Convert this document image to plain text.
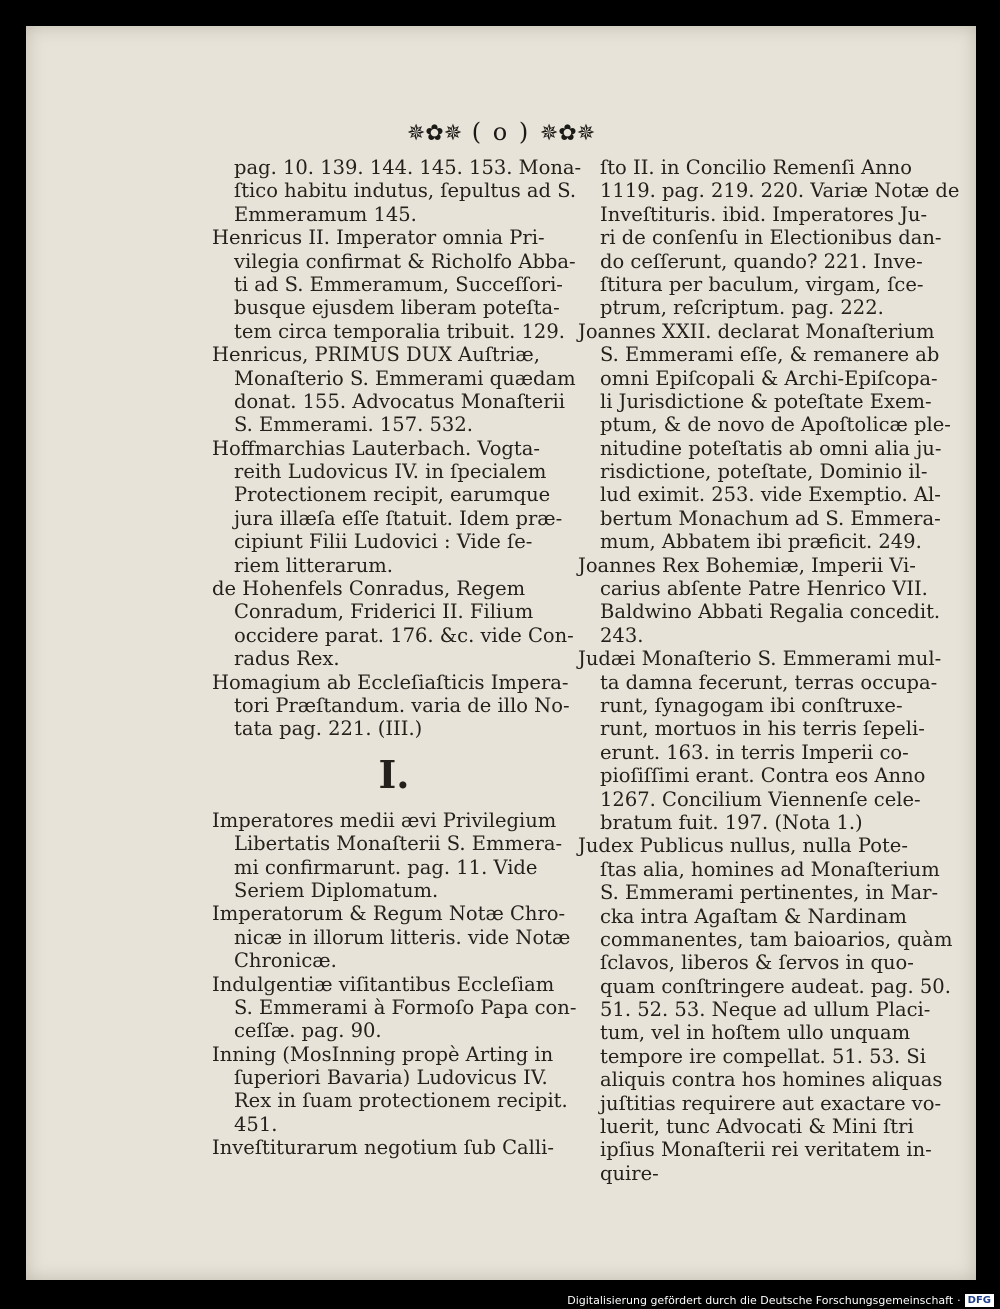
✵✿✵ ( o ) ✵✿✵
pag. 10. 139. 144. 145. 153. Mona-
ſtico habitu indutus, ſepultus ad S.
Emmeramum 145.
Henricus II. Imperator omnia Pri-
vilegia confirmat & Richolfo Abba-
ti ad S. Emmeramum, Succeſſori-
busque ejusdem liberam poteſta-
tem circa temporalia tribuit. 129.
Henricus, PRIMUS DUX Auſtriæ,
Monaſterio S. Emmerami quædam
donat. 155. Advocatus Monaſterii
S. Emmerami. 157. 532.
Hoffmarchias Lauterbach. Vogta-
reith Ludovicus IV. in ſpecialem
Protectionem recipit, earumque
jura illæſa eſſe ſtatuit. Idem præ-
cipiunt Filii Ludovici : Vide ſe-
riem litterarum.
de Hohenfels Conradus, Regem
Conradum, Friderici II. Filium
occidere parat. 176. &c. vide Con-
radus Rex.
Homagium ab Eccleſiaſticis Impera-
tori Præſtandum. varia de illo No-
tata pag. 221. (III.)
I.
Imperatores medii ævi Privilegium
Libertatis Monaſterii S. Emmera-
mi confirmarunt. pag. 11. Vide
Seriem Diplomatum.
Imperatorum & Regum Notæ Chro-
nicæ in illorum litteris. vide Notæ
Chronicæ.
Indulgentiæ viſitantibus Eccleſiam
S. Emmerami à Formoſo Papa con-
ceſſæ. pag. 90.
Inning (MosInning propè Arting in
ſuperiori Bavaria) Ludovicus IV.
Rex in ſuam protectionem recipit.
451.
Inveſtiturarum negotium ſub Calli-
ſto II. in Concilio Remenſi Anno
1119. pag. 219. 220. Variæ Notæ de
Inveſtituris. ibid. Imperatores Ju-
ri de conſenſu in Electionibus dan-
do ceſſerunt, quando? 221. Inve-
ſtitura per baculum, virgam, ſce-
ptrum, reſcriptum. pag. 222.
Joannes XXII. declarat Monaſterium
S. Emmerami eſſe, & remanere ab
omni Epiſcopali & Archi-Epiſcopa-
li Jurisdictione & poteſtate Exem-
ptum, & de novo de Apoſtolicæ ple-
nitudine poteſtatis ab omni alia ju-
risdictione, poteſtate, Dominio il-
lud eximit. 253. vide Exemptio. Al-
bertum Monachum ad S. Emmera-
mum, Abbatem ibi præficit. 249.
Joannes Rex Bohemiæ, Imperii Vi-
carius abſente Patre Henrico VII.
Baldwino Abbati Regalia concedit.
243.
Judæi Monaſterio S. Emmerami mul-
ta damna fecerunt, terras occupa-
runt, ſynagogam ibi conſtruxe-
runt, mortuos in his terris ſepeli-
erunt. 163. in terris Imperii co-
pioſiſſimi erant. Contra eos Anno
1267. Concilium Viennenſe cele-
bratum fuit. 197. (Nota 1.)
Judex Publicus nullus, nulla Pote-
ſtas alia, homines ad Monaſterium
S. Emmerami pertinentes, in Mar-
cka intra Agaſtam & Nardinam
commanentes, tam baioarios, quàm
ſclavos, liberos & ſervos in quo-
quam conſtringere audeat. pag. 50.
51. 52. 53. Neque ad ullum Placi-
tum, vel in hoſtem ullo unquam
tempore ire compellat. 51. 53. Si
aliquis contra hos homines aliquas
juſtitias requirere aut exactare vo-
luerit, tunc Advocati & Mini ſtri
ipſius Monaſterii rei veritatem in-
quire-
Digitalisierung gefördert durch die Deutsche Forschungsgemeinschaft · DFG
